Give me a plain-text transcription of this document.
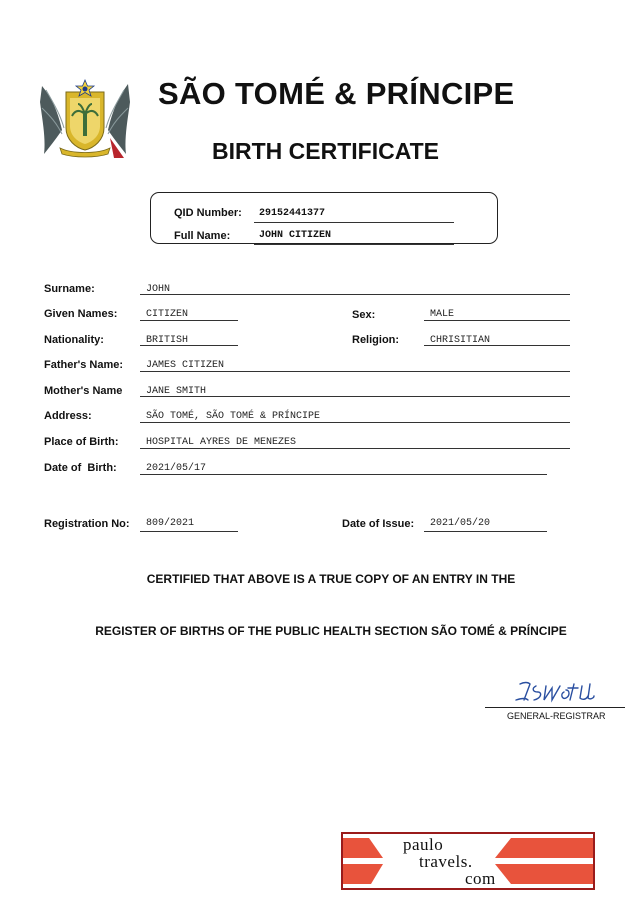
SÃO TOMÉ & PRÍNCIPE
BIRTH CERTIFICATE
QID Number: 29152441377
Full Name:	JOHN CITIZEN
Surname:	JOHN
Given Names:	CITIZEN	Sex:	MALE
Nationality:	BRITISH	Religion:	CHRISITIAN
Father's Name: JAMES CITIZEN
Mother's Name JANE SMITH
Address:	SÃO TOMÉ, SÃO TOMÉ & PRÍNCIPE
Place of Birth:	HOSPITAL AYRES DE MENEZES
Date of  Birth:	2021/05/17
Registration No: 809/2021	Date of Issue: 2021/05/20
CERTIFIED THAT ABOVE IS A TRUE COPY OF AN ENTRY IN THE
REGISTER OF BIRTHS OF THE PUBLIC HEALTH SECTION SÃO TOMÉ & PRÍNCIPE
GENERAL-REGISTRAR
paulo
travels.
com
